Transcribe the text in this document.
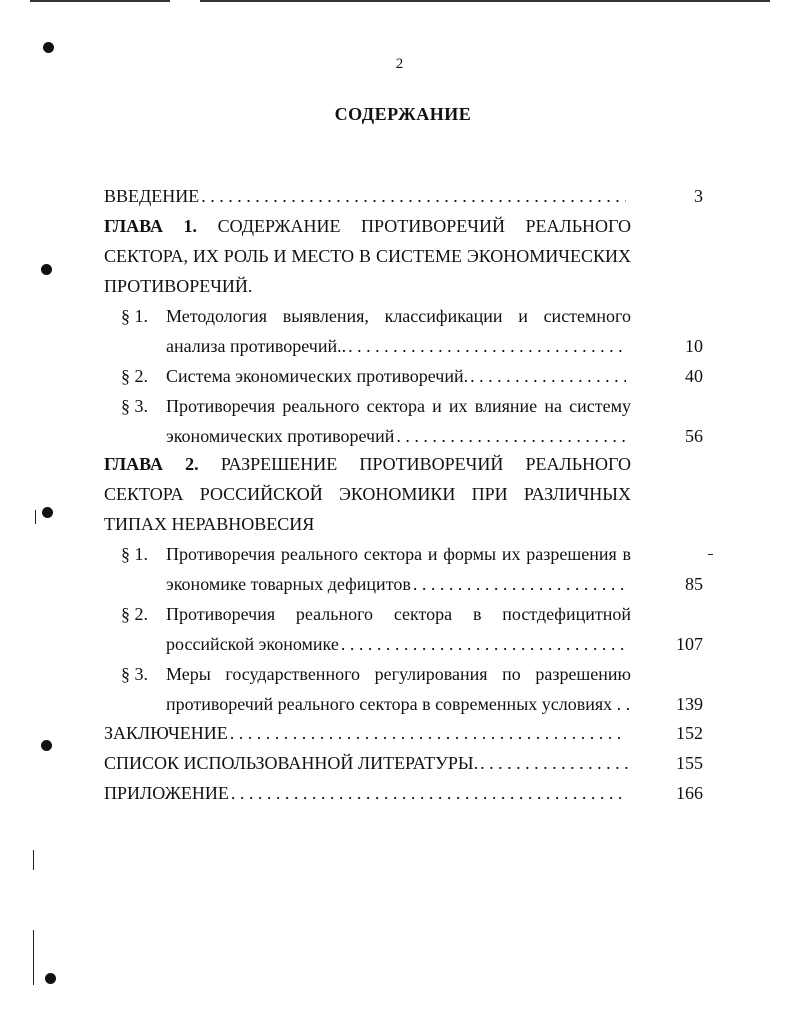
2
СОДЕРЖАНИЕ
ВВЕДЕНИЕ . . .	3
ГЛАВА 1. СОДЕРЖАНИЕ ПРОТИВОРЕЧИЙ РЕАЛЬНОГО
СЕКТОРА, ИХ РОЛЬ И МЕСТО В СИСТЕМЕ ЭКОНОМИЧЕСКИХ
ПРОТИВОРЕЧИЙ.
§ 1. Методология выявления, классификации и системного
анализа противоречий.. . . .	10
§ 2. Система экономических противоречий. . . .	40
§ 3. Противоречия реального сектора и их влияние на систему
экономических противоречий . . .	56
ГЛАВА 2. РАЗРЕШЕНИЕ ПРОТИВОРЕЧИЙ РЕАЛЬНОГО
СЕКТОРА РОССИЙСКОЙ ЭКОНОМИКИ ПРИ РАЗЛИЧНЫХ
ТИПАХ НЕРАВНОВЕСИЯ
§ 1. Противоречия реального сектора и формы их разрешения в
экономике товарных дефицитов . . .	85
§ 2. Противоречия реального сектора в постдефицитной
российской экономике . . .	107
§ 3. Меры государственного регулирования по разрешению
противоречий реального сектора в современных условиях . .	139
ЗАКЛЮЧЕНИЕ . . .	152
СПИСОК ИСПОЛЬЗОВАННОЙ ЛИТЕРАТУРЫ. . . .	155
ПРИЛОЖЕНИЕ . . .	166
